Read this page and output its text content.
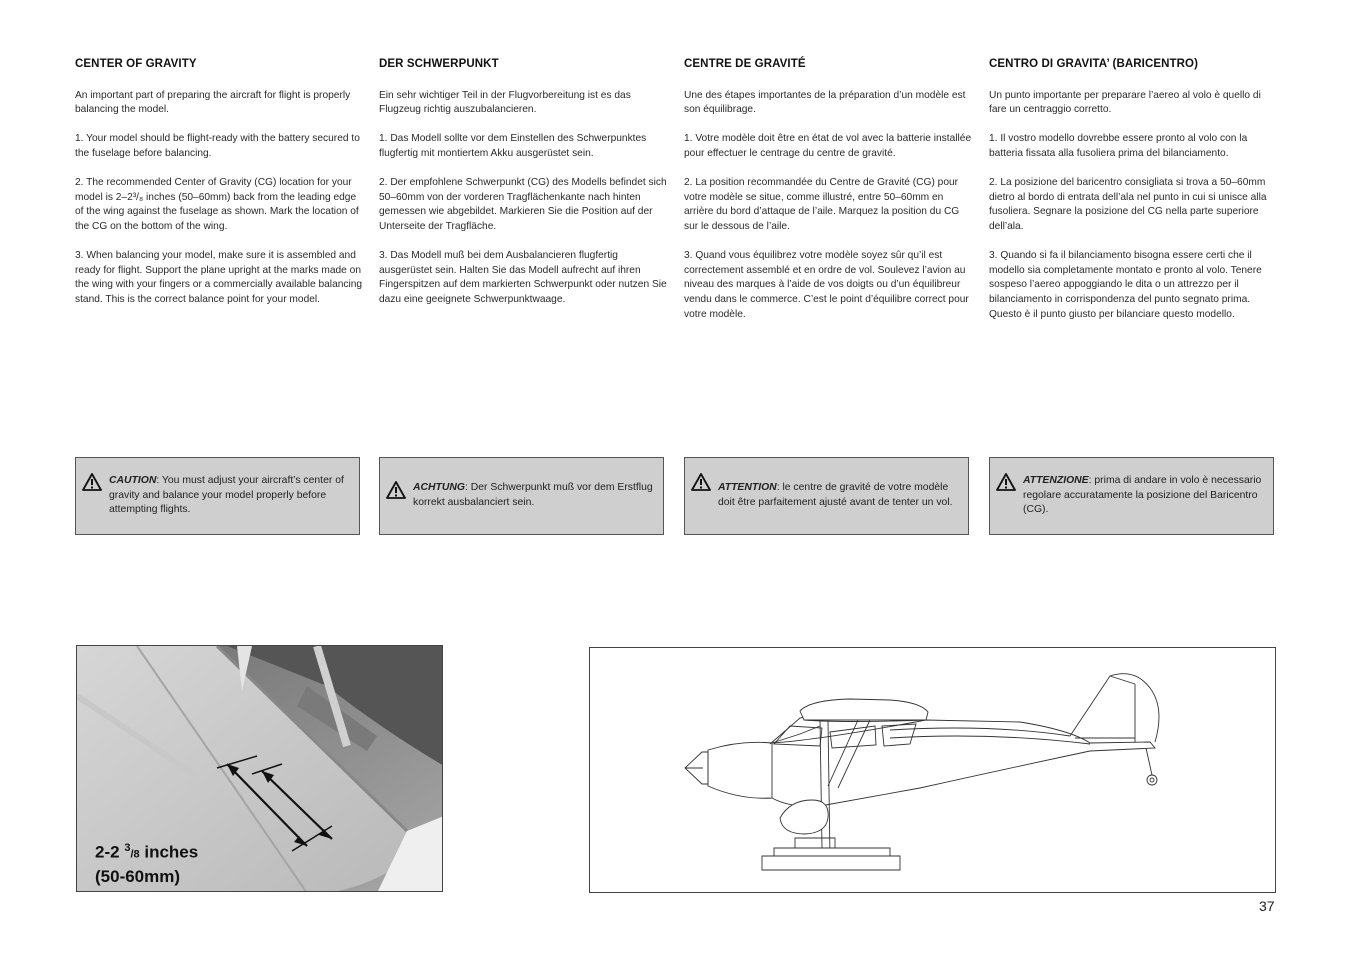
CENTER OF GRAVITY

An important part of preparing the aircraft for flight is properly balancing the model.

1. Your model should be flight-ready with the battery secured to the fuselage before balancing.

2. The recommended Center of Gravity (CG) location for your model is 2–2³/₈ inches (50–60mm) back from the leading edge of the wing against the fuselage as shown. Mark the location of the CG on the bottom of the wing.

3. When balancing your model, make sure it is assembled and ready for flight. Support the plane upright at the marks made on the wing with your fingers or a commercially available balancing stand. This is the correct balance point for your model.

DER SCHWERPUNKT

Ein sehr wichtiger Teil in der Flugvorbereitung ist es das Flugzeug richtig auszubalancieren.

1. Das Modell sollte vor dem Einstellen des Schwerpunktes flugfertig mit montiertem Akku ausgerüstet sein.

2. Der empfohlene Schwerpunkt (CG) des Modells befindet sich 50–60mm von der vorderen Tragflächenkante nach hinten gemessen wie abgebildet. Markieren Sie die Position auf der Unterseite der Tragfläche.

3. Das Modell muß bei dem Ausbalancieren flugfertig ausgerüstet sein. Halten Sie das Modell aufrecht auf ihren Fingerspitzen auf dem markierten Schwerpunkt oder nutzen Sie dazu eine geeignete Schwerpunktwaage.

CENTRE DE GRAVITÉ

Une des étapes importantes de la préparation d’un modèle est son équilibrage.

1. Votre modèle doit être en état de vol avec la batterie installée pour effectuer le centrage du centre de gravité.

2. La position recommandée du Centre de Gravité (CG) pour votre modèle se situe, comme illustré, entre 50–60mm en arrière du bord d’attaque de l’aile. Marquez la position du CG sur le dessous de l’aile.

3. Quand vous équilibrez votre modèle soyez sûr qu’il est correctement assemblé et en ordre de vol. Soulevez l’avion au niveau des marques à l’aide de vos doigts ou d’un équilibreur vendu dans le commerce. C’est le point d’équilibre correct pour votre modèle.

CENTRO DI GRAVITA’ (BARICENTRO)

Un punto importante per preparare l’aereo al volo è quello di fare un centraggio corretto.

1. Il vostro modello dovrebbe essere pronto al volo con la batteria fissata alla fusoliera prima del bilanciamento.

2. La posizione del baricentro consigliata si trova a 50–60mm dietro al bordo di entrata dell’ala nel punto in cui si unisce alla fusoliera. Segnare la posizione del CG nella parte superiore dell’ala.

3. Quando si fa il bilanciamento bisogna essere certi che il modello sia completamente montato e pronto al volo. Tenere sospeso l’aereo appoggiando le dita o un attrezzo per il bilanciamento in corrispondenza del punto segnato prima. Questo è il punto giusto per bilanciare questo modello.

CAUTION: You must adjust your aircraft’s center of gravity and balance your model properly before attempting flights.
ACHTUNG: Der Schwerpunkt muß vor dem Erstflug korrekt ausbalanciert sein.
ATTENTION: le centre de gravité de votre modèle doit être parfaitement ajusté avant de tenter un vol.
ATTENZIONE: prima di andare in volo è necessario regolare accuratamente la posizione del Baricentro (CG).
2-2 $^3$/8 inches
(50-60mm)
37
